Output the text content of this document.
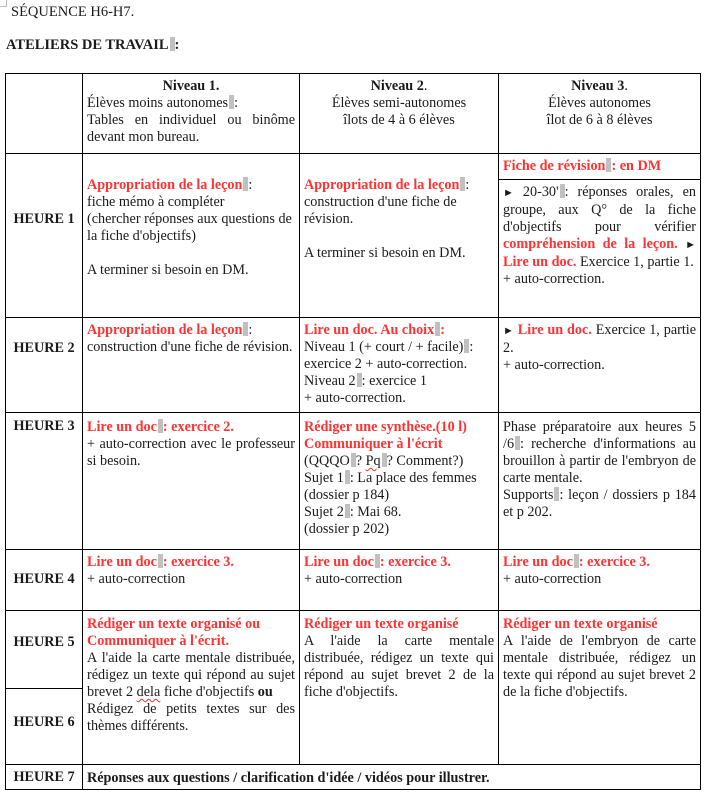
SÉQUENCE H6-H7.
ATELIERS DE TRAVAIL :
Niveau 1.
Élèves moins autonomes :
Tables en individuel ou binôme devant mon bureau.
Niveau 2.
Élèves semi-autonomes
îlots de 4 à 6 élèves
Niveau 3.
Élèves autonomes
îlot de 6 à 8 élèves
HEURE 1
HEURE 2
HEURE 3
HEURE 4
HEURE 5
HEURE 6
HEURE 7
Appropriation de la leçon :
fiche mémo à compléter
(chercher réponses aux questions de la fiche d'objectifs)
A terminer si besoin en DM.
Appropriation de la leçon :
construction d'une fiche de révision.
A terminer si besoin en DM.
Fiche de révision : en DM
► 20-30' : réponses orales, en groupe, aux Q° de la fiche d'objectifs pour vérifier compréhension de la leçon. ► Lire un doc. Exercice 1, partie 1.
+ auto-correction.
Appropriation de la leçon :
construction d'une fiche de révision.
Lire un doc. Au choix :
Niveau 1 (+ court / + facile) :
exercice 2 + auto-correction.
Niveau 2 : exercice 1
+ auto-correction.
► Lire un doc. Exercice 1, partie 2.
+ auto-correction.
Lire un doc : exercice 2.
+ auto-correction avec le professeur si besoin.
Rédiger une synthèse.(10 l)
Communiquer à l'écrit
(QQQO ? Pq ? Comment?)
Sujet 1 : La place des femmes
(dossier p 184)
Sujet 2 : Mai 68.
(dossier p 202)
Phase préparatoire aux heures 5 /6 : recherche d'informations au brouillon à partir de l'embryon de carte mentale.
Supports : leçon / dossiers p 184 et p 202.
Lire un doc : exercice 3.
+ auto-correction
Lire un doc : exercice 3.
+ auto-correction
Lire un doc : exercice 3.
+ auto-correction
Rédiger un texte organisé ou
Communiquer à l'écrit.
A l'aide la carte mentale distribuée, rédigez un texte qui répond au sujet brevet 2 dela fiche d'objectifs ou
Rédigez de petits textes sur des thèmes différents.
Rédiger un texte organisé
A l'aide la carte mentale distribuée, rédigez un texte qui répond au sujet brevet 2 de la fiche d'objectifs.
Rédiger un texte organisé
A l'aide de l'embryon de carte mentale distribuée, rédigez un texte qui répond au sujet brevet 2 de la fiche d'objectifs.
Réponses aux questions / clarification d'idée / vidéos pour illustrer.
